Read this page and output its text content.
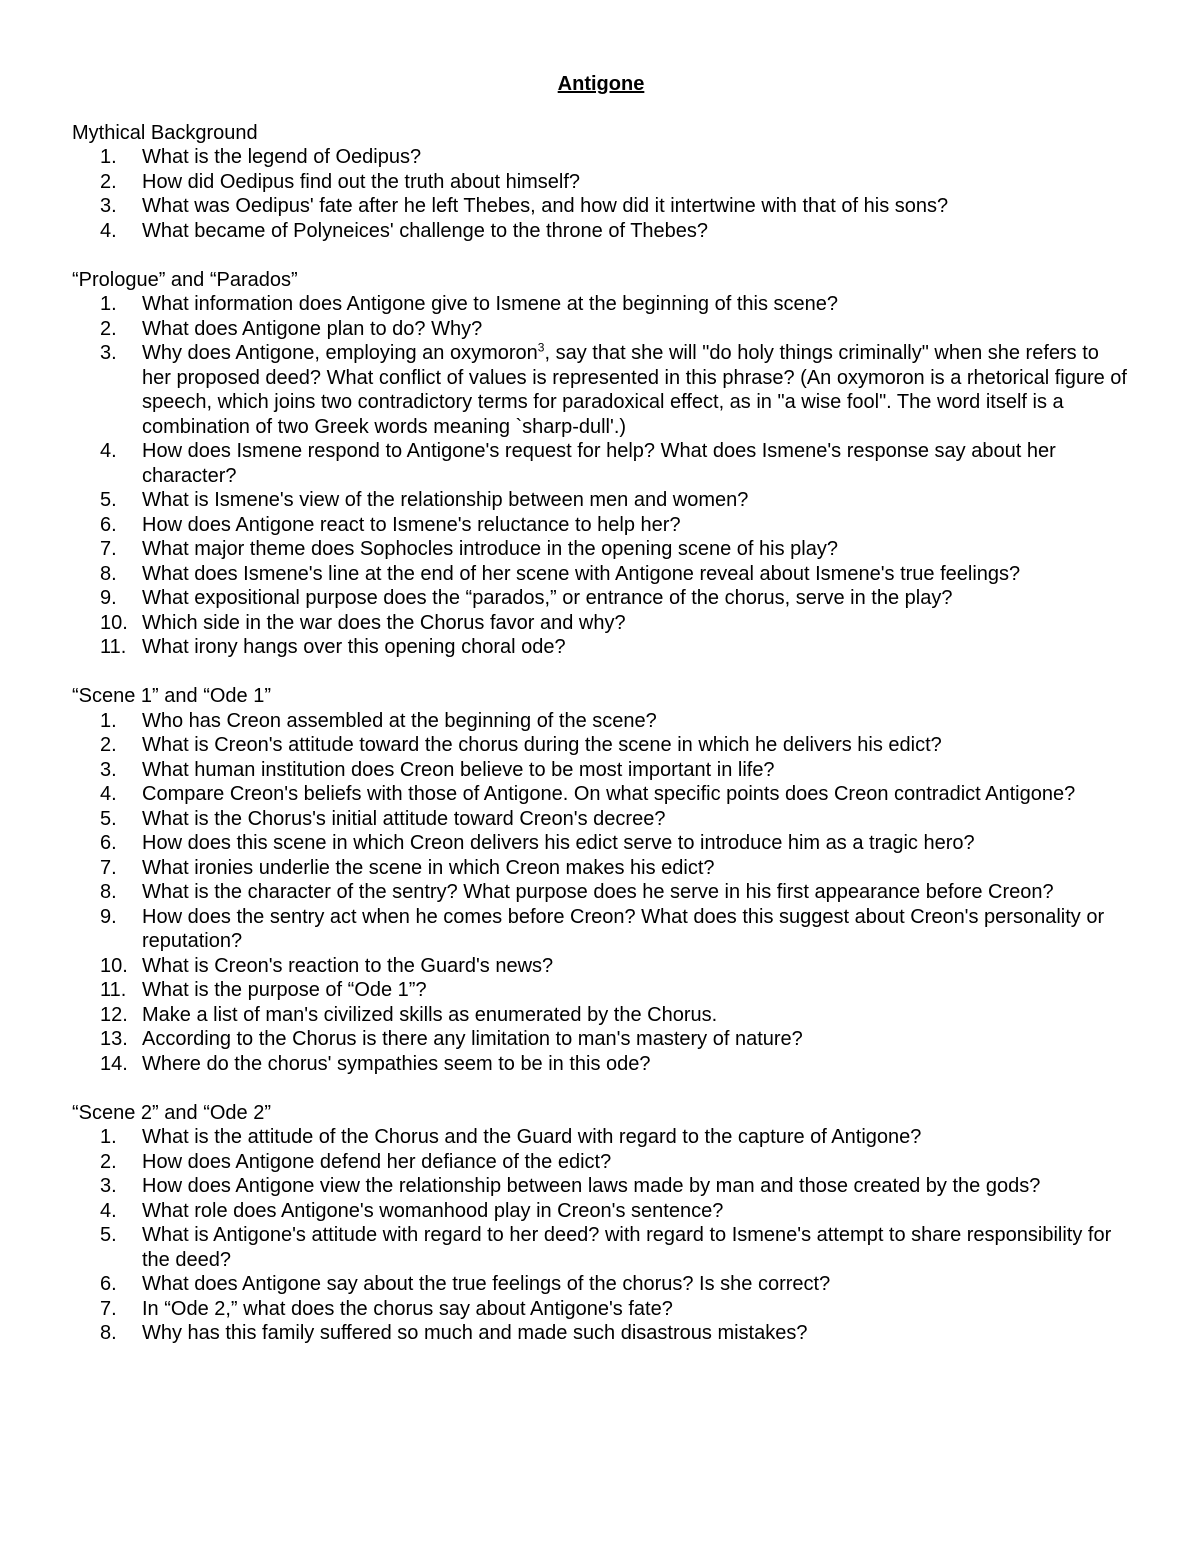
Antigone
Mythical Background
1.	What is the legend of Oedipus?
2.	How did Oedipus find out the truth about himself?
3.	What was Oedipus' fate after he left Thebes, and how did it intertwine with that of his sons?
4.	What became of Polyneices' challenge to the throne of Thebes?
“Prologue” and “Parados”
1.	What information does Antigone give to Ismene at the beginning of this scene?
2.	What does Antigone plan to do? Why?
3.	Why does Antigone, employing an oxymoron$^3$, say that she will "do holy things criminally" when she refers to her proposed deed? What conflict of values is represented in this phrase? (An oxymoron is a rhetorical figure of speech, which joins two contradictory terms for paradoxical effect, as in "a wise fool". The word itself is a combination of two Greek words meaning `sharp-dull'.)
4.	How does Ismene respond to Antigone's request for help? What does Ismene's response say about her character?
5.	What is Ismene's view of the relationship between men and women?
6.	How does Antigone react to Ismene's reluctance to help her?
7.	What major theme does Sophocles introduce in the opening scene of his play?
8.	What does Ismene's line at the end of her scene with Antigone reveal about Ismene's true feelings?
9.	What expositional purpose does the “parados,” or entrance of the chorus, serve in the play?
10. Which side in the war does the Chorus favor and why?
11. What irony hangs over this opening choral ode?
“Scene 1” and “Ode 1”
1.	Who has Creon assembled at the beginning of the scene?
2.	What is Creon's attitude toward the chorus during the scene in which he delivers his edict?
3.	What human institution does Creon believe to be most important in life?
4.	Compare Creon's beliefs with those of Antigone. On what specific points does Creon contradict Antigone?
5.	What is the Chorus's initial attitude toward Creon's decree?
6.	How does this scene in which Creon delivers his edict serve to introduce him as a tragic hero?
7.	What ironies underlie the scene in which Creon makes his edict?
8.	What is the character of the sentry? What purpose does he serve in his first appearance before Creon?
9.	How does the sentry act when he comes before Creon? What does this suggest about Creon's personality or reputation?
10. What is Creon's reaction to the Guard's news?
11. What is the purpose of “Ode 1”?
12. Make a list of man's civilized skills as enumerated by the Chorus.
13. According to the Chorus is there any limitation to man's mastery of nature?
14. Where do the chorus' sympathies seem to be in this ode?
“Scene 2” and “Ode 2”
1.	What is the attitude of the Chorus and the Guard with regard to the capture of Antigone?
2.	How does Antigone defend her defiance of the edict?
3.	How does Antigone view the relationship between laws made by man and those created by the gods?
4.	What role does Antigone's womanhood play in Creon's sentence?
5.	What is Antigone's attitude with regard to her deed? with regard to Ismene's attempt to share responsibility for the deed?
6.	What does Antigone say about the true feelings of the chorus? Is she correct?
7.	In “Ode 2,” what does the chorus say about Antigone's fate?
8.	Why has this family suffered so much and made such disastrous mistakes?
